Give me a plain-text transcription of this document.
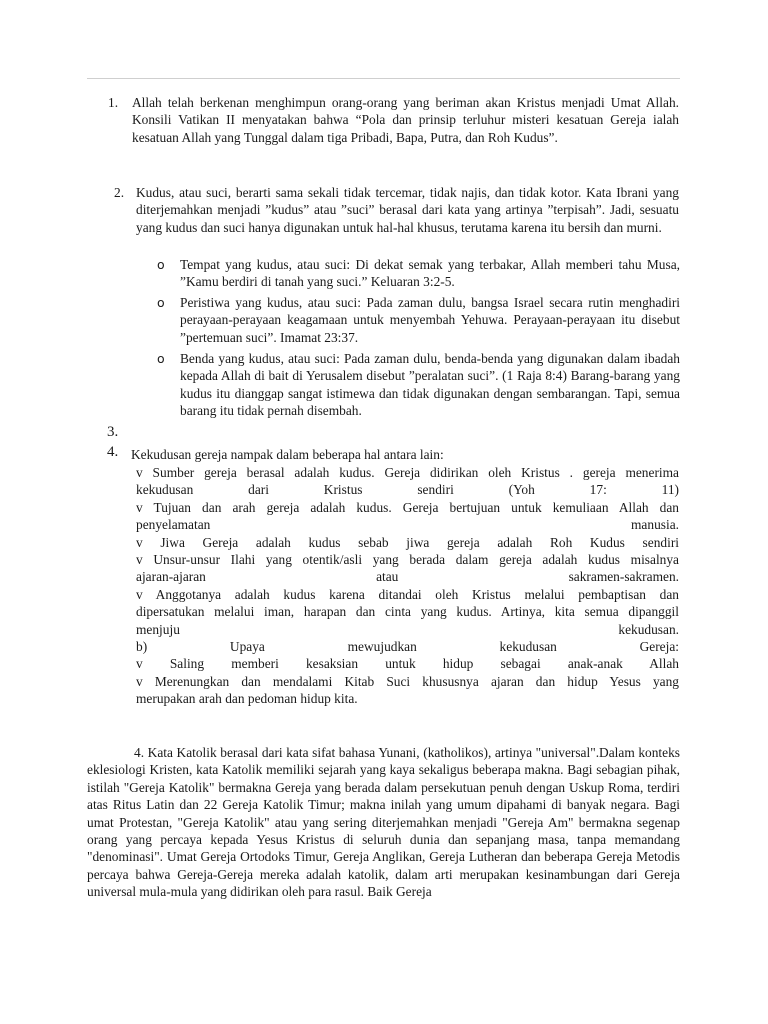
1. Allah telah berkenan menghimpun orang-orang yang beriman akan Kristus menjadi Umat Allah. Konsili Vatikan II menyatakan bahwa “Pola dan prinsip terluhur misteri kesatuan Gereja ialah kesatuan Allah yang Tunggal dalam tiga Pribadi, Bapa, Putra, dan Roh Kudus”.
2. Kudus, atau suci, berarti sama sekali tidak tercemar, tidak najis, dan tidak kotor. Kata Ibrani yang diterjemahkan menjadi ”kudus” atau ”suci” berasal dari kata yang artinya ”terpisah”. Jadi, sesuatu yang kudus dan suci hanya digunakan untuk hal-hal khusus, terutama karena itu bersih dan murni.
o Tempat yang kudus, atau suci: Di dekat semak yang terbakar, Allah memberi tahu Musa, ”Kamu berdiri di tanah yang suci.” Keluaran 3:2-5.
o Peristiwa yang kudus, atau suci: Pada zaman dulu, bangsa Israel secara rutin menghadiri perayaan-perayaan keagamaan untuk menyembah Yehuwa. Perayaan-perayaan itu disebut ”pertemuan suci”. Imamat 23:37.
o Benda yang kudus, atau suci: Pada zaman dulu, benda-benda yang digunakan dalam ibadah kepada Allah di bait di Yerusalem disebut ”peralatan suci”. (1 Raja 8:4) Barang-barang yang kudus itu dianggap sangat istimewa dan tidak digunakan dengan sembarangan. Tapi, semua barang itu tidak pernah disembah.
3.
4. Kekudusan gereja nampak dalam beberapa hal antara lain:
v Sumber gereja berasal adalah kudus. Gereja didirikan oleh Kristus . gereja menerima
kekudusan dari Kristus sendiri (Yoh 17: 11)
v Tujuan dan arah gereja adalah kudus. Gereja bertujuan untuk kemuliaan Allah dan
penyelamatan manusia.
v Jiwa Gereja adalah kudus sebab jiwa gereja adalah Roh Kudus sendiri
v Unsur-unsur Ilahi yang otentik/asli yang berada dalam gereja adalah kudus misalnya
ajaran-ajaran atau sakramen-sakramen.
v Anggotanya adalah kudus karena ditandai oleh Kristus melalui pembaptisan dan
dipersatukan melalui iman, harapan dan cinta yang kudus. Artinya, kita semua dipanggil
menjuju kekudusan.
b) Upaya mewujudkan kekudusan Gereja:
v Saling memberi kesaksian untuk hidup sebagai anak-anak Allah
v Merenungkan dan mendalami Kitab Suci khususnya ajaran dan hidup Yesus yang
merupakan arah dan pedoman hidup kita.
4. Kata Katolik berasal dari kata sifat bahasa Yunani, (katholikos), artinya "universal".Dalam konteks eklesiologi Kristen, kata Katolik memiliki sejarah yang kaya sekaligus beberapa makna. Bagi sebagian pihak, istilah "Gereja Katolik" bermakna Gereja yang berada dalam persekutuan penuh dengan Uskup Roma, terdiri atas Ritus Latin dan 22 Gereja Katolik Timur; makna inilah yang umum dipahami di banyak negara. Bagi umat Protestan, "Gereja Katolik" atau yang sering diterjemahkan menjadi "Gereja Am" bermakna segenap orang yang percaya kepada Yesus Kristus di seluruh dunia dan sepanjang masa, tanpa memandang "denominasi". Umat Gereja Ortodoks Timur, Gereja Anglikan, Gereja Lutheran dan beberapa Gereja Metodis percaya bahwa Gereja-Gereja mereka adalah katolik, dalam arti merupakan kesinambungan dari Gereja universal mula-mula yang didirikan oleh para rasul. Baik Gereja
